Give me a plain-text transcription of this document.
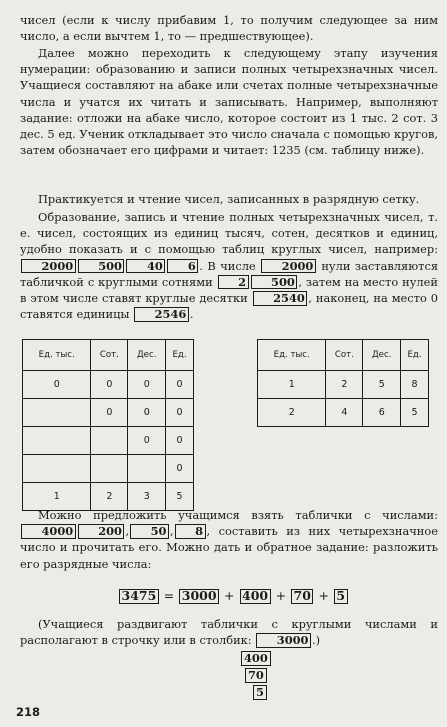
чисел (если к числу прибавим 1, то получим следующее за ним число, а если вычтем 1, то — предшествующее).
Далее можно переходить к следующему этапу изучения нумерации: образованию и записи полных четырехзначных чисел. Учащиеся составляют на абаке или счетах полные четырехзначные числа и учатся их читать и записывать. Например, выполняют задание: отложи на абаке число, которое состоит из 1 тыс. 2 сот. 3 дес. 5 ед. Ученик откладывает это число сначала с помощью кругов, затем обозначает его цифрами и читает: 1235 (см. таблицу ниже).
Практикуется и чтение чисел, записанных в разрядную сетку.
Образование, запись и чтение полных четырехзначных чисел, т. е. чисел, состоящих из единиц тысяч, сотен, десятков и единиц, удобно показать и с помощью таблиц круглых чисел, например: 2000 500 40 6 . В числе 2000 нули заставляются табличкой с круглыми сотнями 2 500 , затем на место нулей в этом числе ставят круглые десятки 2540 , наконец, на место 0 ставятся единицы 2546 .
Ед. тыс.	Сот.	Дес.	Ед.
0	0	0	0
	0	0	0
		0	0
			0
1	2	3	5
Ед. тыс.	Сот.	Дес.	Ед.
1	2	5	8
2	4	6	5
Можно предложить учащимся взять таблички с числами: 4000 200 , 50 , 8 , составить из них четырехзначное число и прочитать его. Можно дать и обратное задание: разложить его разрядные числа:
3475 = 3000 + 400 + 70 + 5
(Учащиеся раздвигают таблички с круглыми числами и располагают в строчку или в столбик: 3000 .)
400
70
5
218
